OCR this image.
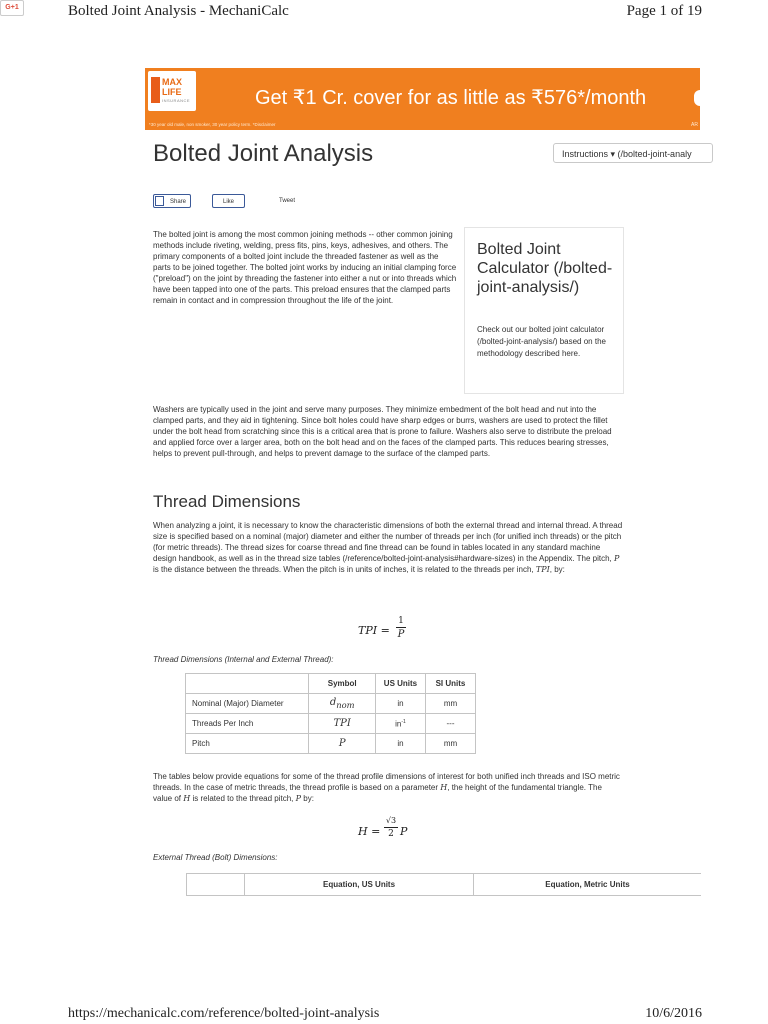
Bolted Joint Analysis - MechaniCalc	Page 1 of 19
MAX LIFE
INSURANCE	Get ₹1 Cr. cover for as little as ₹576*/month
*30 year old male, non smoker, 30 year policy term. *Disclaimer	AR
Bolted Joint Analysis	Instructions ▾ (/bolted-joint-analy
Share	Like	Tweet
G+1

The bolted joint is among the most common joining methods -- other common joining methods include riveting, welding, press fits, pins, keys, adhesives, and others. The primary components of a bolted joint include the threaded fastener as well as the parts to be joined together. The bolted joint works by inducing an initial clamping force ("preload") on the joint by threading the fastener into either a nut or into threads which have been tapped into one of the parts. This preload ensures that the clamped parts remain in contact and in compression throughout the life of the joint.

Bolted Joint Calculator (/bolted-joint-analysis/)

Check out our bolted joint calculator (/bolted-joint-analysis/) based on the methodology described here.

Washers are typically used in the joint and serve many purposes. They minimize embedment of the bolt head and nut into the clamped parts, and they aid in tightening. Since bolt holes could have sharp edges or burrs, washers are used to protect the fillet under the bolt head from scratching since this is a critical area that is prone to failure. Washers also serve to distribute the preload and applied force over a larger area, both on the bolt head and on the faces of the clamped parts. This reduces bearing stresses, helps to prevent pull-through, and helps to prevent damage to the surface of the clamped parts.

Thread Dimensions

When analyzing a joint, it is necessary to know the characteristic dimensions of both the external thread and internal thread. A thread size is specified based on a nominal (major) diameter and either the number of threads per inch (for unified inch threads) or the pitch (for metric threads). The thread sizes for coarse thread and fine thread can be found in tables located in any standard machine design handbook, as well as in the thread size tables (/reference/bolted-joint-analysis#hardware-sizes) in the Appendix. The pitch, P is the distance between the threads. When the pitch is in units of inches, it is related to the threads per inch, TPI, by:

TPI =
1
P

Thread Dimensions (Internal and External Thread):

	Symbol	US Units	SI Units
Nominal (Major) Diameter	$d_{nom}$	in	mm
Threads Per Inch	TPI	$in^{-1}$	---
Pitch	P	in	mm

The tables below provide equations for some of the thread profile dimensions of interest for both unified inch threads and ISO metric threads. In the case of metric threads, the thread profile is based on a parameter H, the height of the fundamental triangle. The value of H is related to the thread pitch, P by:

H =
√3
2 P

External Thread (Bolt) Dimensions:

	Equation, US Units	Equation, Metric Units
https://mechanicalc.com/reference/bolted-joint-analysis	10/6/2016
